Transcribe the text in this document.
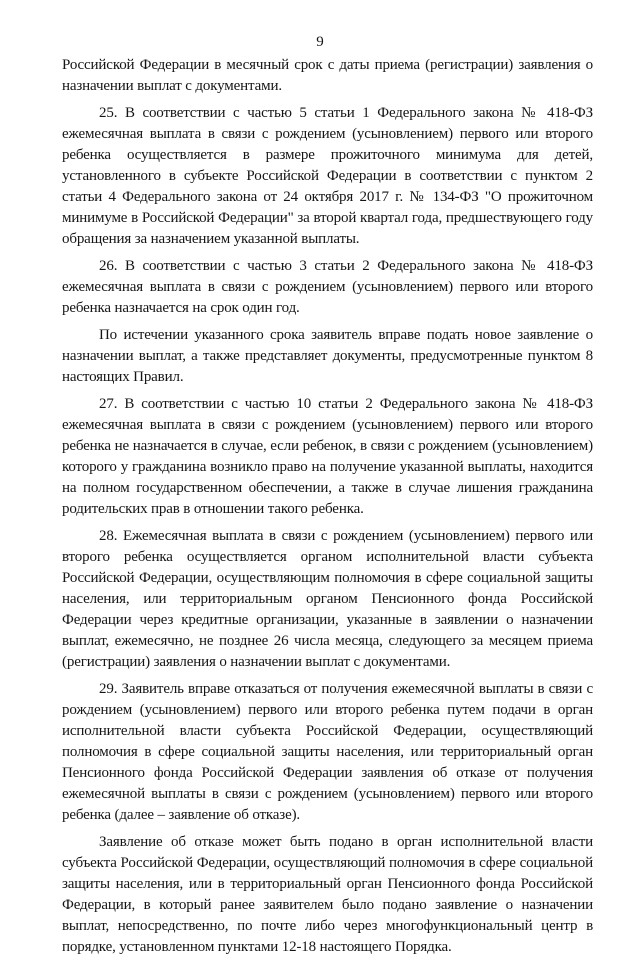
9

Российской Федерации в месячный срок с даты приема (регистрации) заявления о назначении выплат с документами.

25. В соответствии с частью 5 статьи 1 Федерального закона № 418-ФЗ ежемесячная выплата в связи с рождением (усыновлением) первого или второго ребенка осуществляется в размере прожиточного минимума для детей, установленного в субъекте Российской Федерации в соответствии с пунктом 2 статьи 4 Федерального закона от 24 октября 2017 г. № 134-ФЗ "О прожиточном минимуме в Российской Федерации" за второй квартал года, предшествующего году обращения за назначением указанной выплаты.

26. В соответствии с частью 3 статьи 2 Федерального закона № 418-ФЗ ежемесячная выплата в связи с рождением (усыновлением) первого или второго ребенка назначается на срок один год.

По истечении указанного срока заявитель вправе подать новое заявление о назначении выплат, а также представляет документы, предусмотренные пунктом 8 настоящих Правил.

27. В соответствии с частью 10 статьи 2 Федерального закона № 418-ФЗ ежемесячная выплата в связи с рождением (усыновлением) первого или второго ребенка не назначается в случае, если ребенок, в связи с рождением (усыновлением) которого у гражданина возникло право на получение указанной выплаты, находится на полном государственном обеспечении, а также в случае лишения гражданина родительских прав в отношении такого ребенка.

28. Ежемесячная выплата в связи с рождением (усыновлением) первого или второго ребенка осуществляется органом исполнительной власти субъекта Российской Федерации, осуществляющим полномочия в сфере социальной защиты населения, или территориальным органом Пенсионного фонда Российской Федерации через кредитные организации, указанные в заявлении о назначении выплат, ежемесячно, не позднее 26 числа месяца, следующего за месяцем приема (регистрации) заявления о назначении выплат с документами.

29. Заявитель вправе отказаться от получения ежемесячной выплаты в связи с рождением (усыновлением) первого или второго ребенка путем подачи в орган исполнительной власти субъекта Российской Федерации, осуществляющий полномочия в сфере социальной защиты населения, или территориальный орган Пенсионного фонда Российской Федерации заявления об отказе от получения ежемесячной выплаты в связи с рождением (усыновлением) первого или второго ребенка (далее – заявление об отказе).

Заявление об отказе может быть подано в орган исполнительной власти субъекта Российской Федерации, осуществляющий полномочия в сфере социальной защиты населения, или в территориальный орган Пенсионного фонда Российской Федерации, в который ранее заявителем было подано заявление о назначении выплат, непосредственно, по почте либо через многофункциональный центр в порядке, установленном пунктами 12-18 настоящего Порядка.
